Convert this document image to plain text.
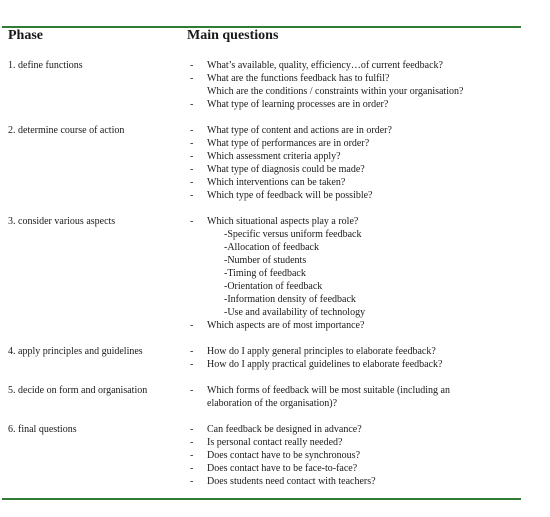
Phase	Main questions
1. define functions	- What’s available, quality, efficiency…of current feedback?
- What are the functions feedback has to fulfil?
Which are the conditions / constraints within your organisation?
- What type of learning processes are in order?
2. determine course of action	- What type of content and actions are in order?
- What type of performances are in order?
- Which assessment criteria apply?
- What type of diagnosis could be made?
- Which interventions can be taken?
- Which type of feedback will be possible?
3. consider various aspects	- Which situational aspects play a role?
-Specific versus uniform feedback
-Allocation of feedback
-Number of students
-Timing of feedback
-Orientation of feedback
-Information density of feedback
-Use and availability of technology
- Which aspects are of most importance?
4. apply principles and guidelines	- How do I apply general principles to elaborate feedback?
- How do I apply practical guidelines to elaborate feedback?
5. decide on form and organisation	- Which forms of feedback will be most suitable (including an
elaboration of the organisation)?
6. final questions	- Can feedback be designed in advance?
- Is personal contact really needed?
- Does contact have to be synchronous?
- Does contact have to be face-to-face?
- Does students need contact with teachers?
